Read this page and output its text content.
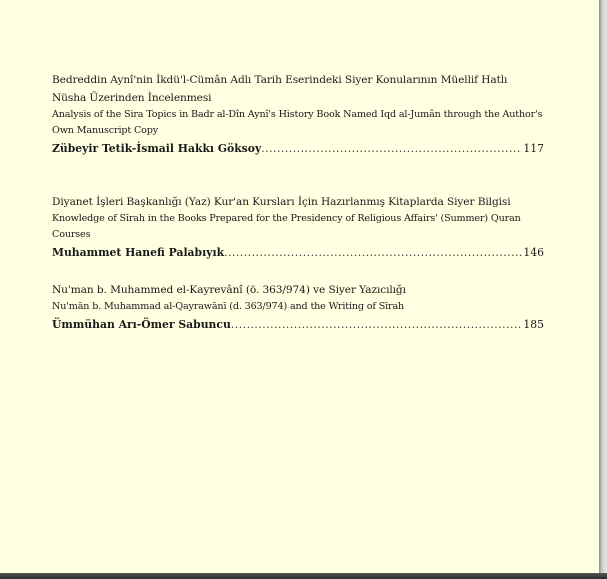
Bedreddin Aynî'nin İkdü'l-Cümân Adlı Tarih Eserindeki Siyer Konularının Müellif Hatlı Nüsha Üzerinden İncelenmesi
Analysis of the Sira Topics in Badr al-Dîn Aynî's History Book Named Iqd al-Jumân through the Author's Own Manuscript Copy
Zübeyir Tetik-İsmail Hakkı Göksoy .....	117
Diyanet İşleri Başkanlığı (Yaz) Kur'an Kursları İçin Hazırlanmış Kitaplarda Siyer Bilgisi
Knowledge of Sīrah in the Books Prepared for the Presidency of Religious Affairs' (Summer) Quran Courses
Muhammet Hanefi Palabıyık .....	146
Nu'man b. Muhammed el-Kayrevânî (ö. 363/974) ve Siyer Yazıcılığı
Nu'mān b. Muhammad al-Qayrawānī (d. 363/974) and the Writing of Sīrah
Ümmühan Arı-Ömer Sabuncu .....	185
